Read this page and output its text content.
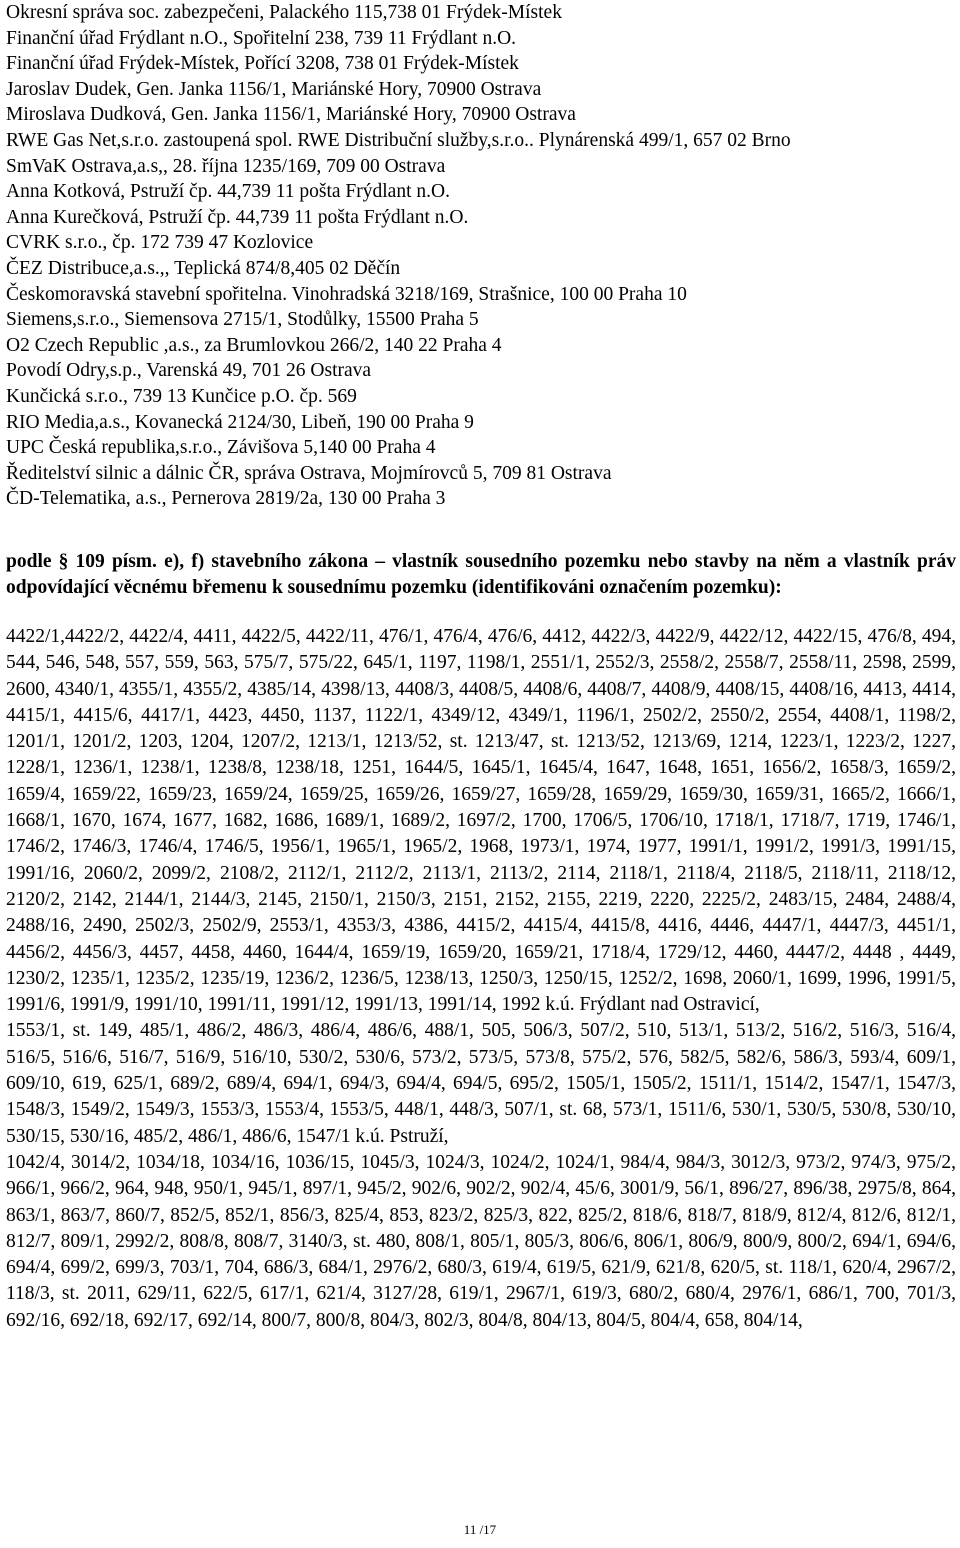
Okresní správa soc. zabezpečeni, Palackého 115,738 01 Frýdek-Místek
Finanční úřad Frýdlant n.O., Spořitelní 238, 739 11 Frýdlant n.O.
Finanční úřad Frýdek-Místek, Pořící 3208, 738 01 Frýdek-Místek
Jaroslav Dudek, Gen. Janka 1156/1, Mariánské Hory, 70900 Ostrava
Miroslava Dudková, Gen. Janka 1156/1, Mariánské Hory, 70900 Ostrava
RWE Gas Net,s.r.o. zastoupená spol. RWE Distribuční služby,s.r.o.. Plynárenská 499/1, 657 02 Brno
SmVaK Ostrava,a.s,, 28. října 1235/169, 709 00 Ostrava
Anna Kotková, Pstruží čp. 44,739 11 pošta Frýdlant n.O.
Anna Kurečková, Pstruží čp. 44,739 11 pošta Frýdlant n.O.
CVRK s.r.o., čp. 172 739 47 Kozlovice
ČEZ Distribuce,a.s.,, Teplická 874/8,405 02 Děčín
Českomoravská stavební spořitelna. Vinohradská 3218/169, Strašnice, 100 00 Praha 10
Siemens,s.r.o., Siemensova 2715/1, Stodůlky, 15500 Praha 5
O2 Czech Republic ,a.s., za Brumlovkou 266/2, 140 22 Praha 4
Povodí Odry,s.p., Varenská 49, 701 26 Ostrava
Kunčická s.r.o., 739 13 Kunčice p.O. čp. 569
RIO Media,a.s., Kovanecká 2124/30, Libeň, 190 00 Praha 9
UPC Česká republika,s.r.o., Závišova 5,140 00 Praha 4
Ředitelství silnic a dálnic ČR, správa Ostrava, Mojmírovců 5, 709 81 Ostrava
ČD-Telematika, a.s., Pernerova 2819/2a, 130 00 Praha 3
podle § 109 písm. e), f) stavebního zákona – vlastník sousedního pozemku nebo stavby na něm a vlastník práv odpovídající věcnému břemenu k sousednímu pozemku (identifikováni označením pozemku):

4422/1,4422/2, 4422/4, 4411, 4422/5, 4422/11, 476/1, 476/4, 476/6, 4412, 4422/3, 4422/9, 4422/12, 4422/15, 476/8, 494, 544, 546, 548, 557, 559, 563, 575/7, 575/22, 645/1, 1197, 1198/1, 2551/1, 2552/3, 2558/2, 2558/7, 2558/11, 2598, 2599, 2600, 4340/1, 4355/1, 4355/2, 4385/14, 4398/13, 4408/3, 4408/5, 4408/6, 4408/7, 4408/9, 4408/15, 4408/16, 4413, 4414, 4415/1, 4415/6, 4417/1, 4423, 4450, 1137, 1122/1, 4349/12, 4349/1, 1196/1, 2502/2, 2550/2, 2554, 4408/1, 1198/2, 1201/1, 1201/2, 1203, 1204, 1207/2, 1213/1, 1213/52, st. 1213/47, st. 1213/52, 1213/69, 1214, 1223/1, 1223/2, 1227, 1228/1, 1236/1, 1238/1, 1238/8, 1238/18, 1251, 1644/5, 1645/1, 1645/4, 1647, 1648, 1651, 1656/2, 1658/3, 1659/2, 1659/4, 1659/22, 1659/23, 1659/24, 1659/25, 1659/26, 1659/27, 1659/28, 1659/29, 1659/30, 1659/31, 1665/2, 1666/1, 1668/1, 1670, 1674, 1677, 1682, 1686, 1689/1, 1689/2, 1697/2, 1700, 1706/5, 1706/10, 1718/1, 1718/7, 1719, 1746/1, 1746/2, 1746/3, 1746/4, 1746/5, 1956/1, 1965/1, 1965/2, 1968, 1973/1, 1974, 1977, 1991/1, 1991/2, 1991/3, 1991/15, 1991/16, 2060/2, 2099/2, 2108/2, 2112/1, 2112/2, 2113/1, 2113/2, 2114, 2118/1, 2118/4, 2118/5, 2118/11, 2118/12, 2120/2, 2142, 2144/1, 2144/3, 2145, 2150/1, 2150/3, 2151, 2152, 2155, 2219, 2220, 2225/2, 2483/15, 2484, 2488/4, 2488/16, 2490, 2502/3, 2502/9, 2553/1, 4353/3, 4386, 4415/2, 4415/4, 4415/8, 4416, 4446, 4447/1, 4447/3, 4451/1, 4456/2, 4456/3, 4457, 4458, 4460, 1644/4, 1659/19, 1659/20, 1659/21, 1718/4, 1729/12, 4460, 4447/2, 4448 , 4449, 1230/2, 1235/1, 1235/2, 1235/19, 1236/2, 1236/5, 1238/13, 1250/3, 1250/15, 1252/2, 1698, 2060/1, 1699, 1996, 1991/5, 1991/6, 1991/9, 1991/10, 1991/11, 1991/12, 1991/13, 1991/14, 1992 k.ú. Frýdlant nad Ostravicí,

1553/1, st. 149, 485/1, 486/2, 486/3, 486/4, 486/6, 488/1, 505, 506/3, 507/2, 510, 513/1, 513/2, 516/2, 516/3, 516/4, 516/5, 516/6, 516/7, 516/9, 516/10, 530/2, 530/6, 573/2, 573/5, 573/8, 575/2, 576, 582/5, 582/6, 586/3, 593/4, 609/1, 609/10, 619, 625/1, 689/2, 689/4, 694/1, 694/3, 694/4, 694/5, 695/2, 1505/1, 1505/2, 1511/1, 1514/2, 1547/1, 1547/3, 1548/3, 1549/2, 1549/3, 1553/3, 1553/4, 1553/5, 448/1, 448/3, 507/1, st. 68, 573/1, 1511/6, 530/1, 530/5, 530/8, 530/10, 530/15, 530/16, 485/2, 486/1, 486/6, 1547/1 k.ú. Pstruží,

1042/4, 3014/2, 1034/18, 1034/16, 1036/15, 1045/3, 1024/3, 1024/2, 1024/1, 984/4, 984/3, 3012/3, 973/2, 974/3, 975/2, 966/1, 966/2, 964, 948, 950/1, 945/1, 897/1, 945/2, 902/6, 902/2, 902/4, 45/6, 3001/9, 56/1, 896/27, 896/38, 2975/8, 864, 863/1, 863/7, 860/7, 852/5, 852/1, 856/3, 825/4, 853, 823/2, 825/3, 822, 825/2, 818/6, 818/7, 818/9, 812/4, 812/6, 812/1, 812/7, 809/1, 2992/2, 808/8, 808/7, 3140/3, st. 480, 808/1, 805/1, 805/3, 806/6, 806/1, 806/9, 800/9, 800/2, 694/1, 694/6, 694/4, 699/2, 699/3, 703/1, 704, 686/3, 684/1, 2976/2, 680/3, 619/4, 619/5, 621/9, 621/8, 620/5, st. 118/1, 620/4, 2967/2, 118/3, st. 2011, 629/11, 622/5, 617/1, 621/4, 3127/28, 619/1, 2967/1, 619/3, 680/2, 680/4, 2976/1, 686/1, 700, 701/3, 692/16, 692/18, 692/17, 692/14, 800/7, 800/8, 804/3, 802/3, 804/8, 804/13, 804/5, 804/4, 658, 804/14,

11 /17
